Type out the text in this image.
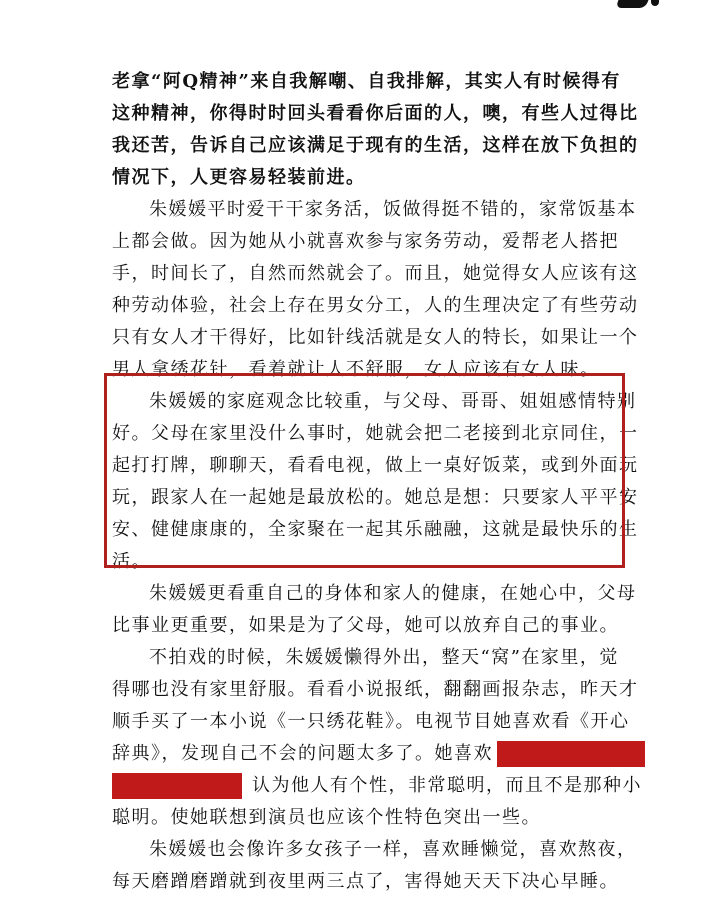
老拿“阿Q精神”来自我解嘲、自我排解，其实人有时候得有
这种精神，你得时时回头看看你后面的人，噢，有些人过得比
我还苦，告诉自己应该满足于现有的生活，这样在放下负担的
情况下，人更容易轻装前进。
朱媛媛平时爱干干家务活，饭做得挺不错的，家常饭基本
上都会做。因为她从小就喜欢参与家务劳动，爱帮老人搭把
手，时间长了，自然而然就会了。而且，她觉得女人应该有这
种劳动体验，社会上存在男女分工，人的生理决定了有些劳动
只有女人才干得好，比如针线活就是女人的特长，如果让一个
男人拿绣花针，看着就让人不舒服，女人应该有女人味。
朱媛媛的家庭观念比较重，与父母、哥哥、姐姐感情特别
好。父母在家里没什么事时，她就会把二老接到北京同住，一
起打打牌，聊聊天，看看电视，做上一桌好饭菜，或到外面玩
玩，跟家人在一起她是最放松的。她总是想：只要家人平平安
安、健健康康的，全家聚在一起其乐融融，这就是最快乐的生
活。
朱媛媛更看重自己的身体和家人的健康，在她心中，父母
比事业更重要，如果是为了父母，她可以放弃自己的事业。
不拍戏的时候，朱媛媛懒得外出，整天“窝”在家里，觉
得哪也没有家里舒服。看看小说报纸，翻翻画报杂志，昨天才
顺手买了一本小说《一只绣花鞋》。电视节目她喜欢看《开心
辞典》，发现自己不会的问题太多了。她喜欢
认为他人有个性，非常聪明，而且不是那种小
聪明。使她联想到演员也应该个性特色突出一些。
朱媛媛也会像许多女孩子一样，喜欢睡懒觉，喜欢熬夜，
每天磨蹭磨蹭就到夜里两三点了，害得她天天下决心早睡。
